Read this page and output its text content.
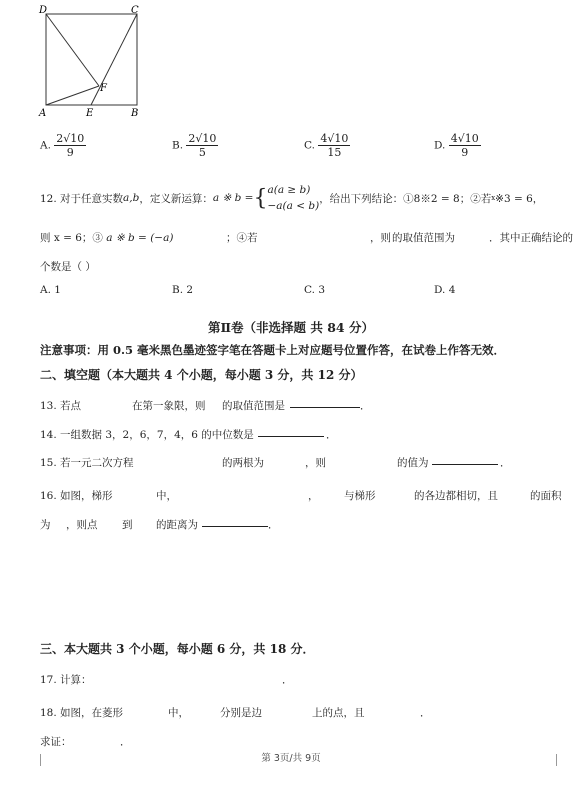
D	C
A	E	B
F
A. $\frac{2√10}{9}$	B. $\frac{2√10}{5}$	C. $\frac{4√10}{15}$	D. $\frac{4√10}{9}$
12. 对于任意实数 a,b ，定义新运算： a ※ b = { a(a ≥ b)
−a(a < b)
，给出下列结论：①8※2 = 8；②若 x ※3 = 6，
则 x = 6；③ a ※ b = (−a)	；④若	，则 的取值范围为	．其中正确结论的
个数是（ ）
A. 1	B. 2	C. 3	D. 4
第Ⅱ卷（非选择题 共 84 分）
注意事项：用 0.5 毫米黑色墨迹签字笔在答题卡上对应题号位置作答，在试卷上作答无效．
二、填空题（本大题共 4 个小题，每小题 3 分，共 12 分）
13. 若点	在第一象限，则 的取值范围是	．
14. 一组数据 3，2，6，7，4，6 的中位数是	．
15. 若一元二次方程	的两根为	，则	的值为	．
16. 如图，梯形	中，	， 与梯形	的各边都相切，且	的面积
为 ，则点 到 的距离为	．
三、本大题共 3 个小题，每小题 6 分，共 18 分．
17. 计算：	．
18. 如图，在菱形	中，	分别是边	上的点，且	．
求证：	．
第 3页/共 9页
